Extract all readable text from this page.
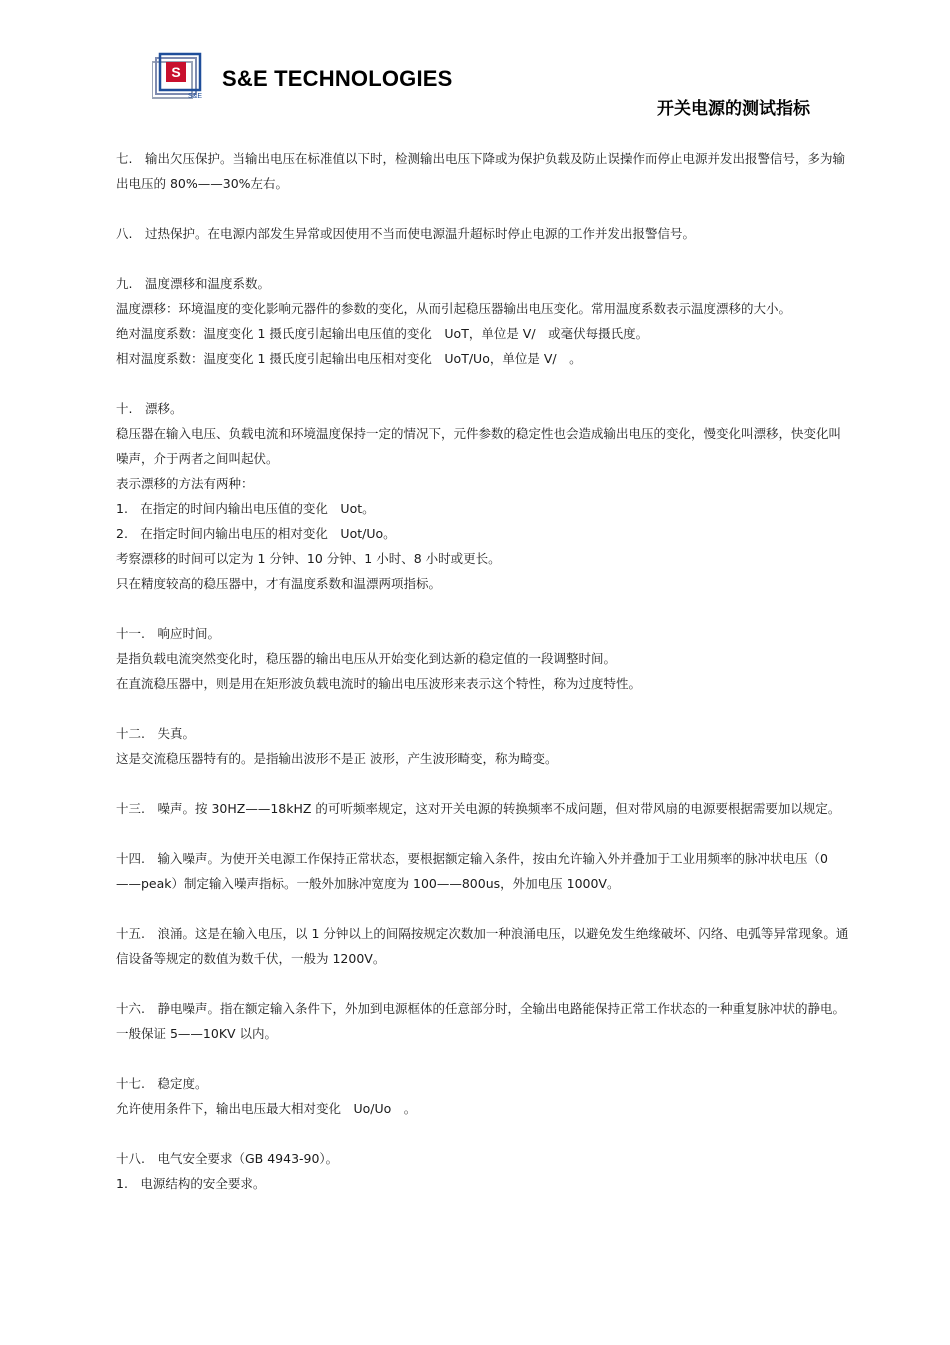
S
S&E
S&E TECHNOLOGIES
开关电源的测试指标
七.　输出欠压保护。当输出电压在标准值以下时，检测输出电压下降或为保护负载及防止误操作而停止电源并发出报警信号，多为输出电压的 80%——30%左右。
八.　过热保护。在电源内部发生异常或因使用不当而使电源温升超标时停止电源的工作并发出报警信号。
九.　温度漂移和温度系数。
温度漂移：环境温度的变化影响元器件的参数的变化，从而引起稳压器输出电压变化。常用温度系数表示温度漂移的大小。
绝对温度系数：温度变化 1 摄氏度引起输出电压值的变化　UoT，单位是 V/　或毫伏每摄氏度。
相对温度系数：温度变化 1 摄氏度引起输出电压相对变化　UoT/Uo，单位是 V/　。
十.　漂移。
稳压器在输入电压、负载电流和环境温度保持一定的情况下，元件参数的稳定性也会造成输出电压的变化，慢变化叫漂移，快变化叫噪声，介于两者之间叫起伏。
表示漂移的方法有两种：
1.　在指定的时间内输出电压值的变化　Uot。
2.　在指定时间内输出电压的相对变化　Uot/Uo。
考察漂移的时间可以定为 1 分钟、10 分钟、1 小时、8 小时或更长。
只在精度较高的稳压器中，才有温度系数和温漂两项指标。
十一.　响应时间。
是指负载电流突然变化时，稳压器的输出电压从开始变化到达新的稳定值的一段调整时间。
在直流稳压器中，则是用在矩形波负载电流时的输出电压波形来表示这个特性，称为过度特性。
十二.　失真。
这是交流稳压器特有的。是指输出波形不是正 波形，产生波形畸变，称为畸变。
十三.　噪声。按 30HZ——18kHZ 的可听频率规定，这对开关电源的转换频率不成问题，但对带风扇的电源要根据需要加以规定。
十四.　输入噪声。为使开关电源工作保持正常状态，要根据额定输入条件，按由允许输入外并叠加于工业用频率的脉冲状电压（0——peak）制定输入噪声指标。一般外加脉冲宽度为 100——800us，外加电压 1000V。
十五.　浪涌。这是在输入电压，以 1 分钟以上的间隔按规定次数加一种浪涌电压，以避免发生绝缘破坏、闪络、电弧等异常现象。通信设备等规定的数值为数千伏，一般为 1200V。
十六.　静电噪声。指在额定输入条件下，外加到电源框体的任意部分时，全输出电路能保持正常工作状态的一种重复脉冲状的静电。一般保证 5——10KV 以内。
十七.　稳定度。
允许使用条件下，输出电压最大相对变化　Uo/Uo　。
十八.　电气安全要求（GB 4943-90）。
1.　电源结构的安全要求。
